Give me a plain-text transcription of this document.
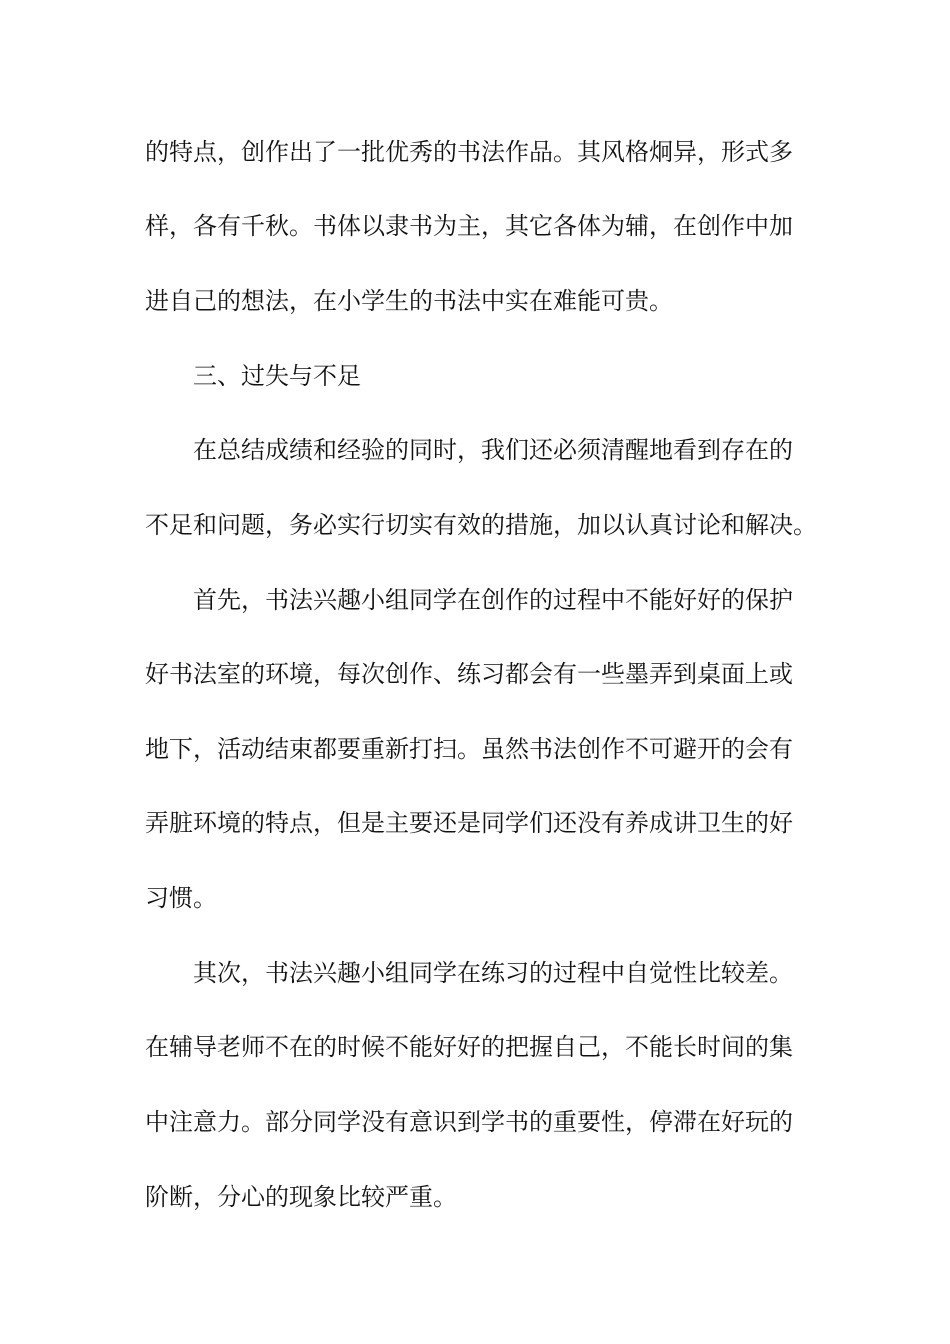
的特点，创作出了一批优秀的书法作品。其风格炯异，形式多
样，各有千秋。书体以隶书为主，其它各体为辅，在创作中加
进自己的想法，在小学生的书法中实在难能可贵。
三、过失与不足
在总结成绩和经验的同时，我们还必须清醒地看到存在的
不足和问题，务必实行切实有效的措施，加以认真讨论和解决。
首先，书法兴趣小组同学在创作的过程中不能好好的保护
好书法室的环境，每次创作、练习都会有一些墨弄到桌面上或
地下，活动结束都要重新打扫。虽然书法创作不可避开的会有
弄脏环境的特点，但是主要还是同学们还没有养成讲卫生的好
习惯。
其次，书法兴趣小组同学在练习的过程中自觉性比较差。
在辅导老师不在的时候不能好好的把握自己，不能长时间的集
中注意力。部分同学没有意识到学书的重要性，停滞在好玩的
阶断，分心的现象比较严重。
